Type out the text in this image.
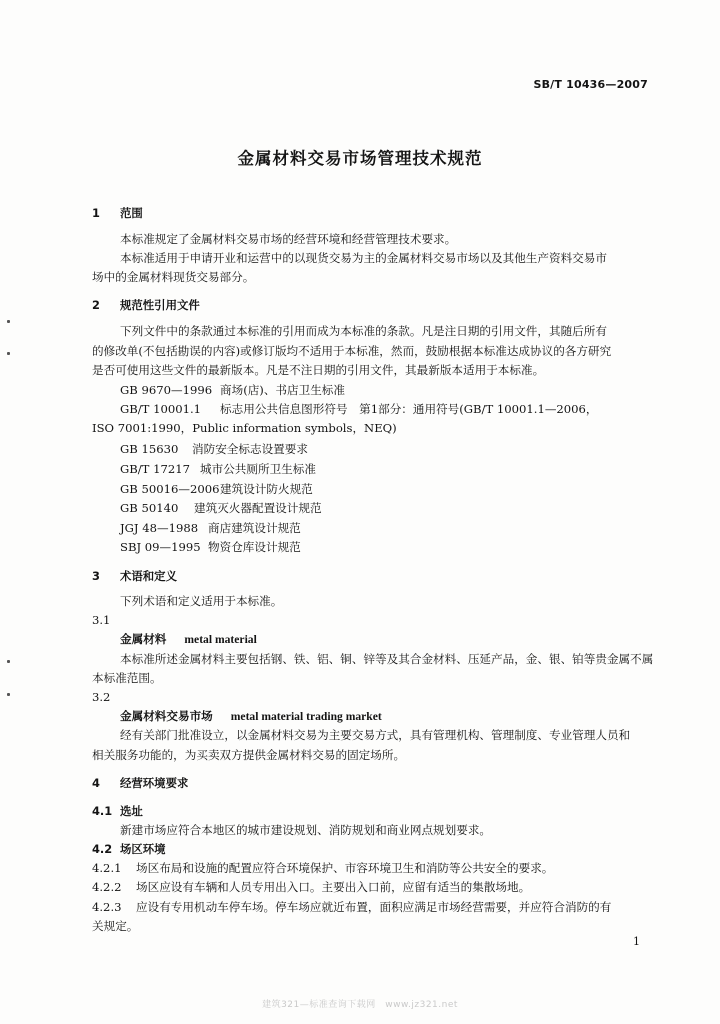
SB/T 10436—2007
金属材料交易市场管理技术规范
1 范围
本标准规定了金属材料交易市场的经营环境和经营管理技术要求。
本标准适用于申请开业和运营中的以现货交易为主的金属材料交易市场以及其他生产资料交易市
场中的金属材料现货交易部分。
2 规范性引用文件
下列文件中的条款通过本标准的引用而成为本标准的条款。凡是注日期的引用文件，其随后所有
的修改单(不包括勘误的内容)或修订版均不适用于本标准，然而，鼓励根据本标准达成协议的各方研究
是否可使用这些文件的最新版本。凡是不注日期的引用文件，其最新版本适用于本标准。
GB 9670—1996 商场(店)、书店卫生标准
GB/T 10001.1 标志用公共信息图形符号　第1部分：通用符号(GB/T 10001.1—2006，
ISO 7001:1990，Public information symbols，NEQ)
GB 15630 消防安全标志设置要求
GB/T 17217 城市公共厕所卫生标准
GB 50016—2006建筑设计防火规范
GB 50140 建筑灭火器配置设计规范
JGJ 48—1988 商店建筑设计规范
SBJ 09—1995 物资仓库设计规范
3 术语和定义
下列术语和定义适用于本标准。
3.1
金属材料 metal material
本标准所述金属材料主要包括钢、铁、铝、铜、锌等及其合金材料、压延产品，金、银、铂等贵金属不属
本标准范围。
3.2
金属材料交易市场 metal material trading market
经有关部门批准设立，以金属材料交易为主要交易方式，具有管理机构、管理制度、专业管理人员和
相关服务功能的，为买卖双方提供金属材料交易的固定场所。
4 经营环境要求
4.1 选址
新建市场应符合本地区的城市建设规划、消防规划和商业网点规划要求。
4.2 场区环境
4.2.1 场区布局和设施的配置应符合环境保护、市容环境卫生和消防等公共安全的要求。
4.2.2 场区应设有车辆和人员专用出入口。主要出入口前，应留有适当的集散场地。
4.2.3 应设有专用机动车停车场。停车场应就近布置，面积应满足市场经营需要，并应符合消防的有
关规定。
1
建筑321—标准查询下载网　www.jz321.net
